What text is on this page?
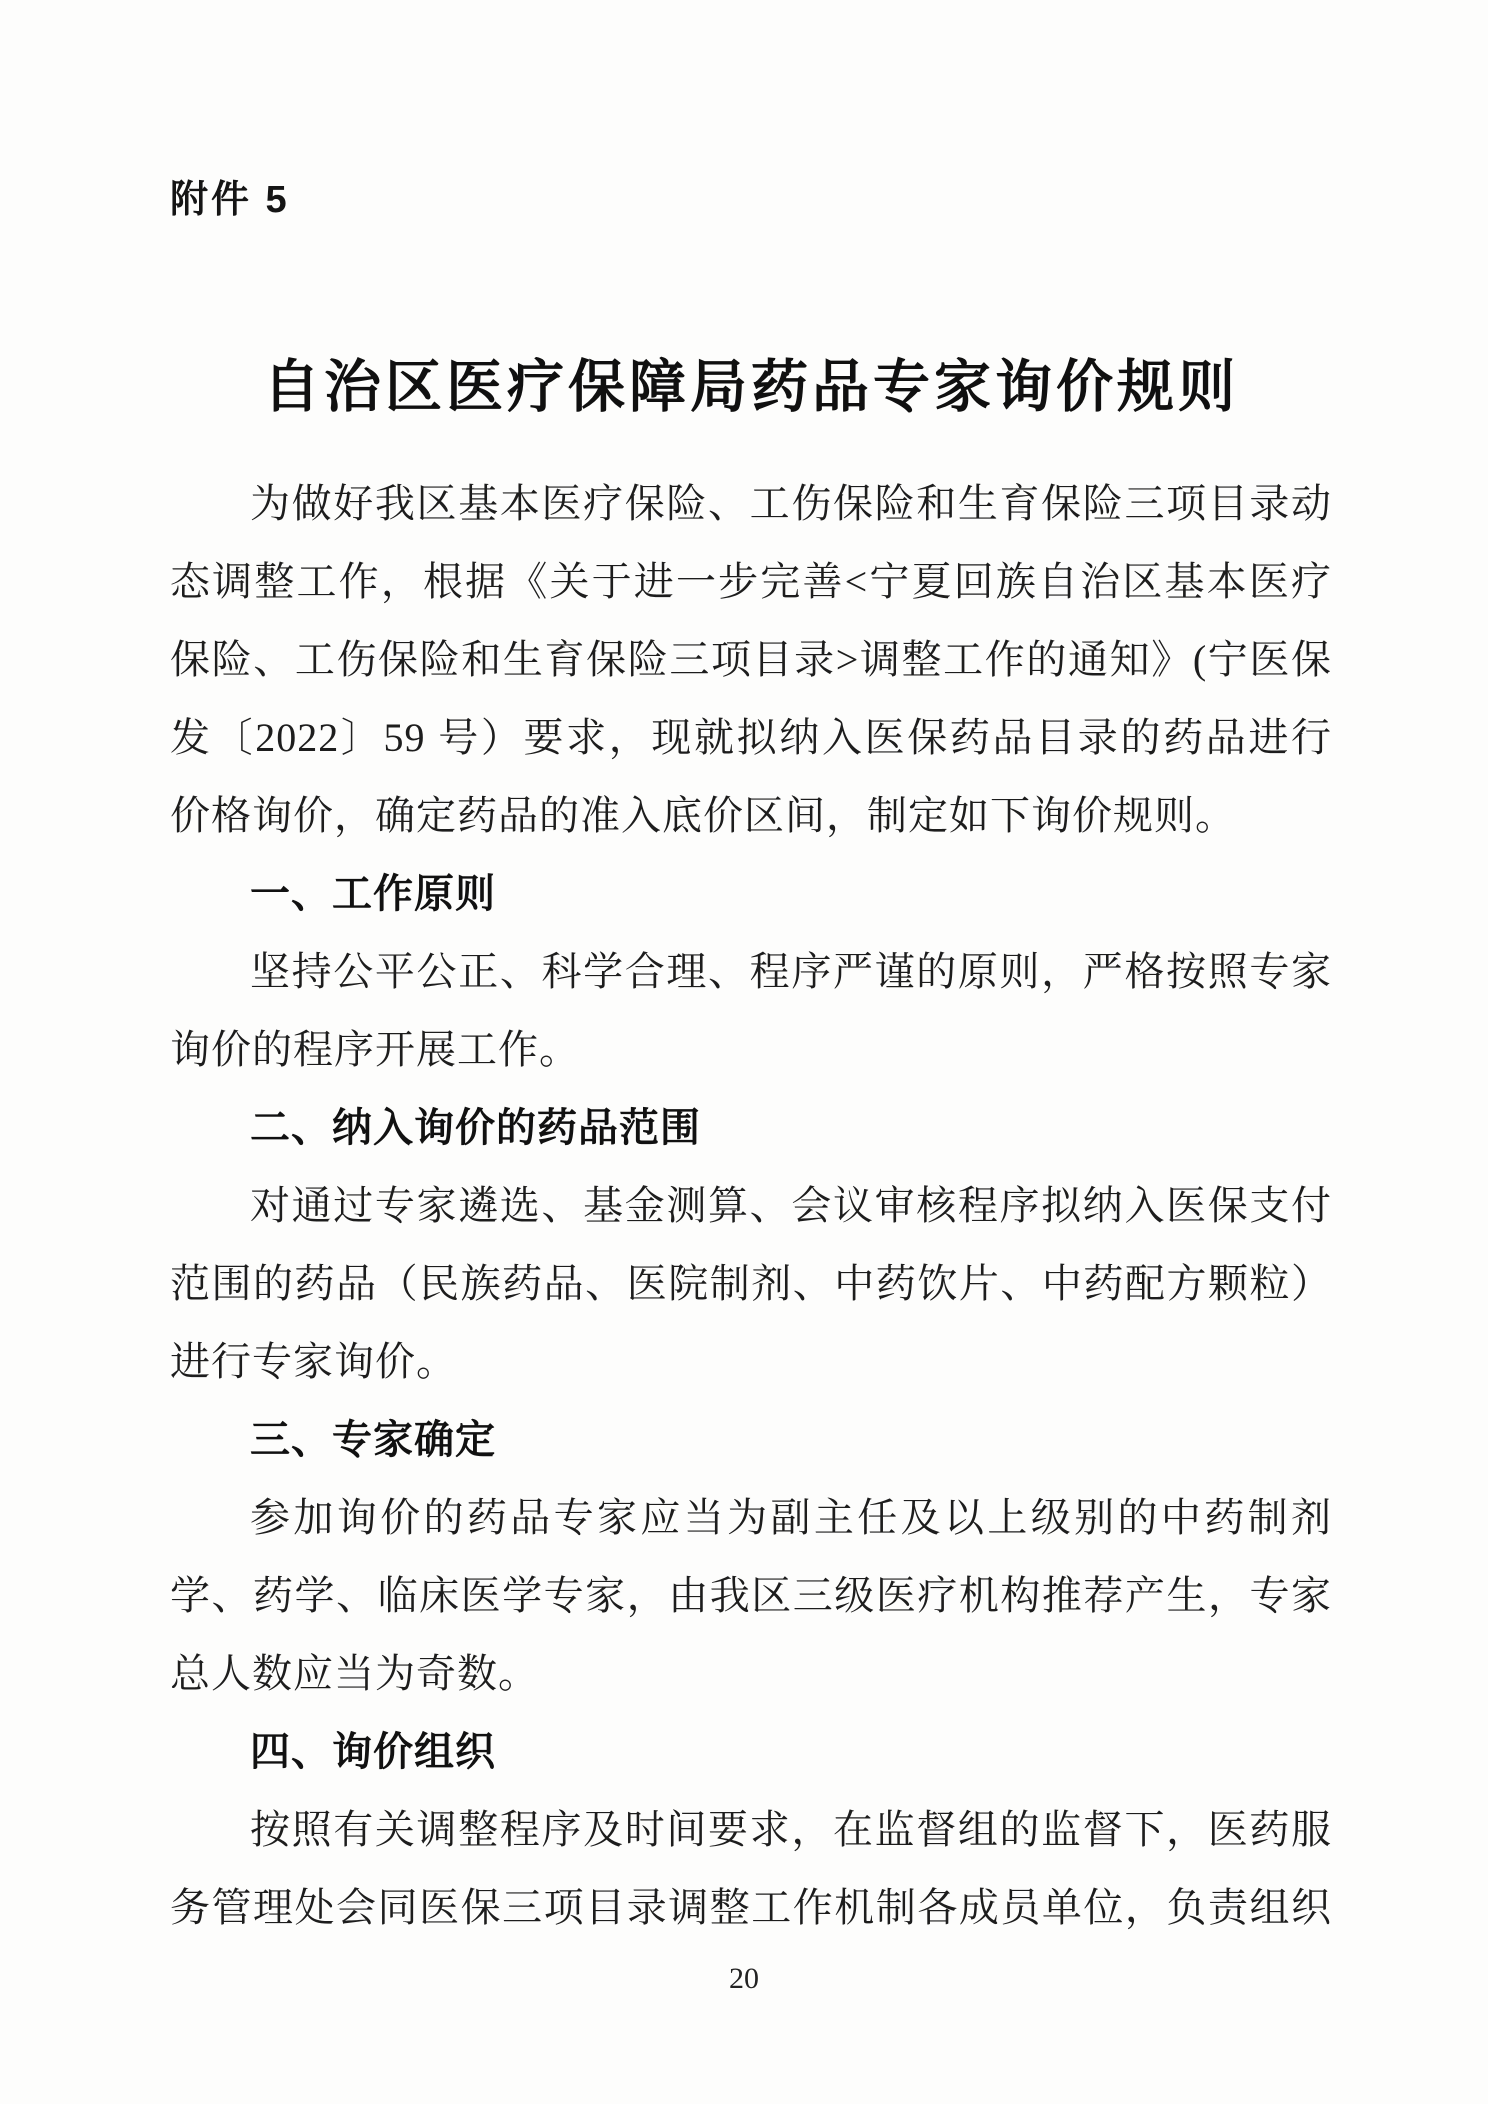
附件 5
自治区医疗保障局药品专家询价规则
为做好我区基本医疗保险、工伤保险和生育保险三项目录动
态调整工作，根据《关于进一步完善<宁夏回族自治区基本医疗
保险、工伤保险和生育保险三项目录>调整工作的通知》(宁医保
发〔2022〕59 号）要求，现就拟纳入医保药品目录的药品进行
价格询价，确定药品的准入底价区间，制定如下询价规则。
一、工作原则
坚持公平公正、科学合理、程序严谨的原则，严格按照专家
询价的程序开展工作。
二、纳入询价的药品范围
对通过专家遴选、基金测算、会议审核程序拟纳入医保支付
范围的药品（民族药品、医院制剂、中药饮片、中药配方颗粒）
进行专家询价。
三、专家确定
参加询价的药品专家应当为副主任及以上级别的中药制剂
学、药学、临床医学专家，由我区三级医疗机构推荐产生，专家
总人数应当为奇数。
四、询价组织
按照有关调整程序及时间要求，在监督组的监督下，医药服
务管理处会同医保三项目录调整工作机制各成员单位，负责组织
20
